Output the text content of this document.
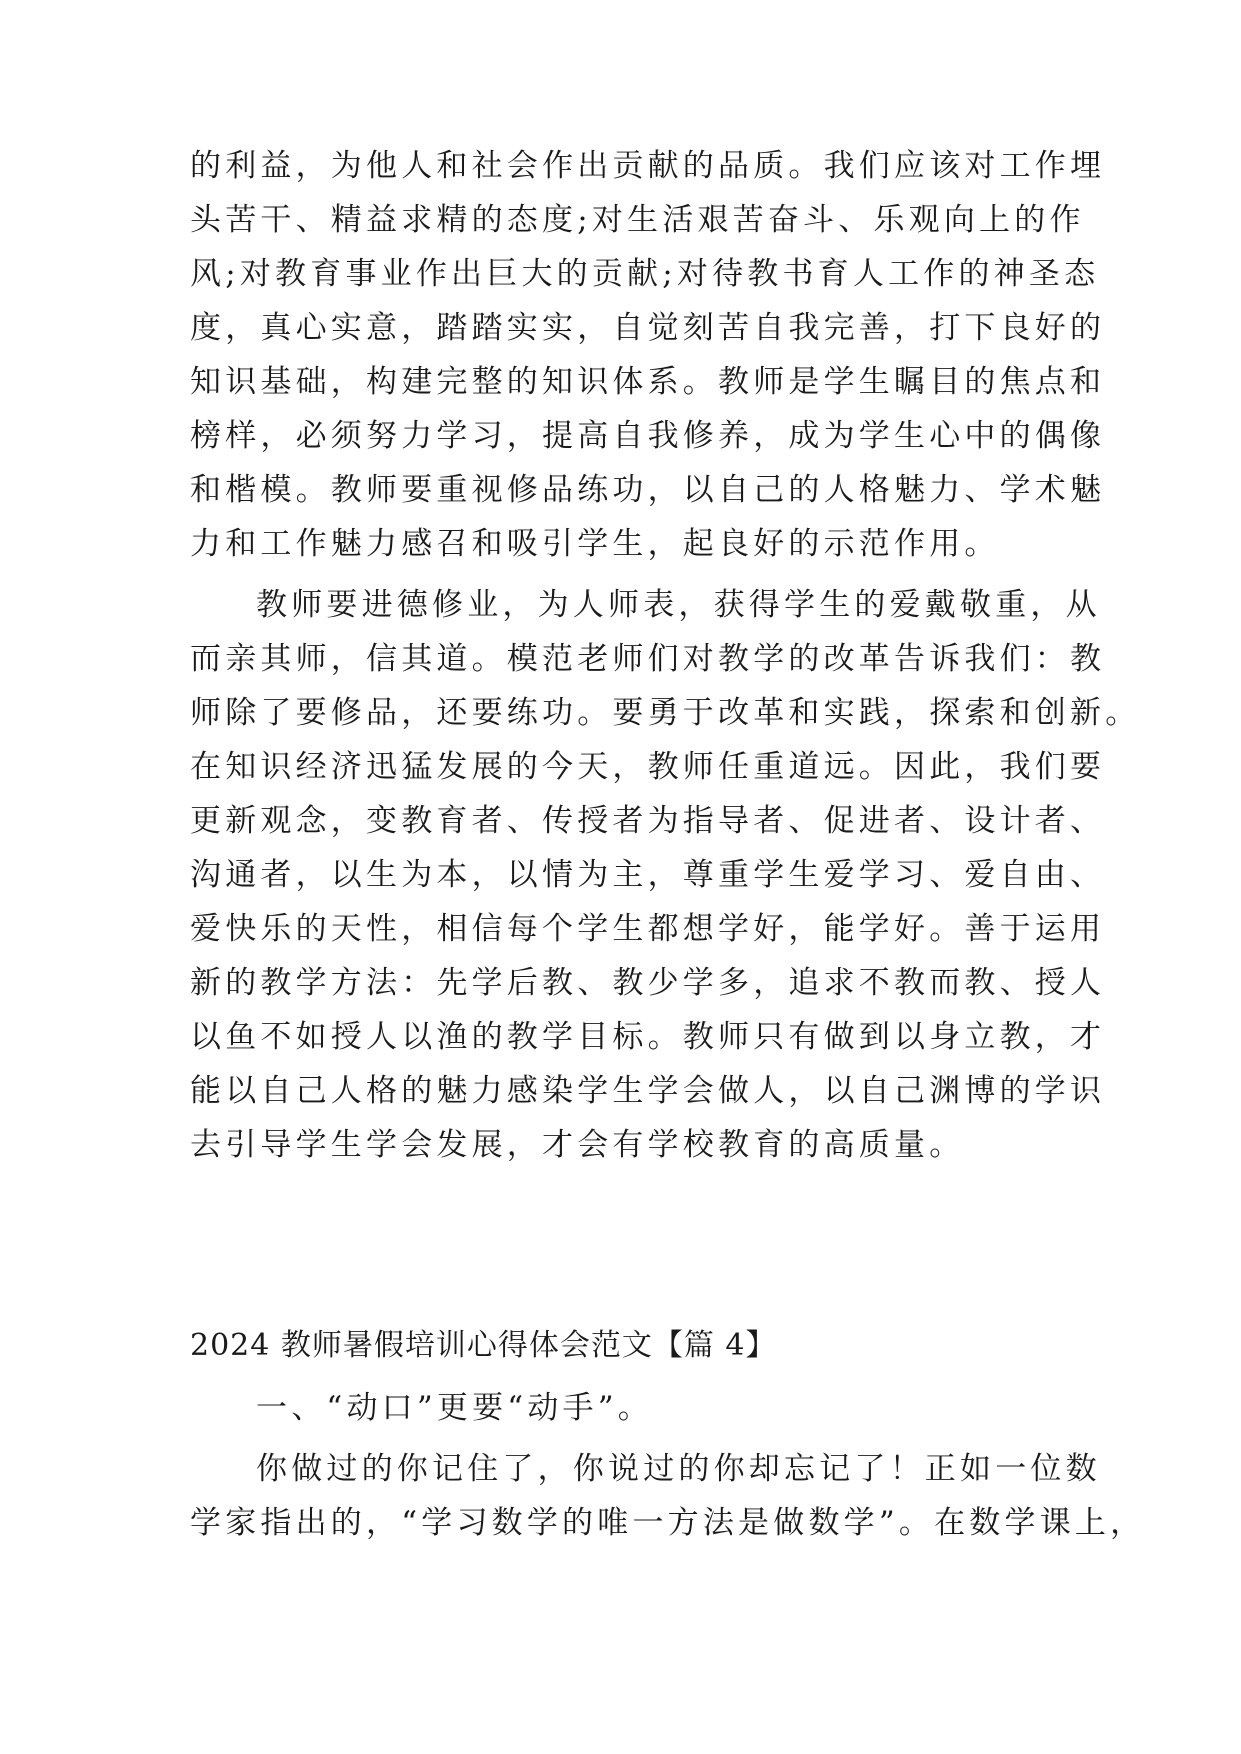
的利益，为他人和社会作出贡献的品质。我们应该对工作埋
头苦干、精益求精的态度;对生活艰苦奋斗、乐观向上的作
风;对教育事业作出巨大的贡献;对待教书育人工作的神圣态
度，真心实意，踏踏实实，自觉刻苦自我完善，打下良好的
知识基础，构建完整的知识体系。教师是学生瞩目的焦点和
榜样，必须努力学习，提高自我修养，成为学生心中的偶像
和楷模。教师要重视修品练功，以自己的人格魅力、学术魅
力和工作魅力感召和吸引学生，起良好的示范作用。
教师要进德修业，为人师表，获得学生的爱戴敬重，从
而亲其师，信其道。模范老师们对教学的改革告诉我们：教
师除了要修品，还要练功。要勇于改革和实践，探索和创新。
在知识经济迅猛发展的今天，教师任重道远。因此，我们要
更新观念，变教育者、传授者为指导者、促进者、设计者、
沟通者，以生为本，以情为主，尊重学生爱学习、爱自由、
爱快乐的天性，相信每个学生都想学好，能学好。善于运用
新的教学方法：先学后教、教少学多，追求不教而教、授人
以鱼不如授人以渔的教学目标。教师只有做到以身立教，才
能以自己人格的魅力感染学生学会做人，以自己渊博的学识
去引导学生学会发展，才会有学校教育的高质量。
2024 教师暑假培训心得体会范文【篇 4】
一、“动口”更要“动手”。
你做过的你记住了，你说过的你却忘记了！正如一位数
学家指出的，“学习数学的唯一方法是做数学”。在数学课上，
